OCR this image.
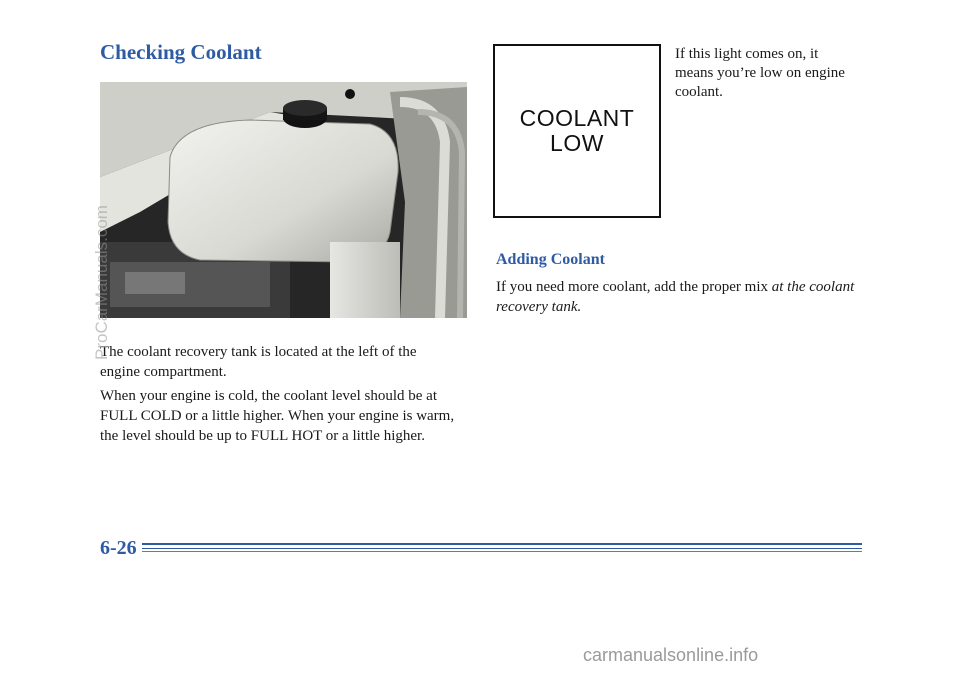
Checking Coolant

The coolant recovery tank is located at the left of the engine compartment.

When your engine is cold, the coolant level should be at FULL COLD or a little higher. When your engine is warm, the level should be up to FULL HOT or a little higher.

COOLANT
LOW

If this light comes on, it means you’re low on engine coolant.

Adding Coolant

If you need more coolant, add the proper mix at the coolant recovery tank.

6-26
ProCarManuals.com
carmanualsonline.info
